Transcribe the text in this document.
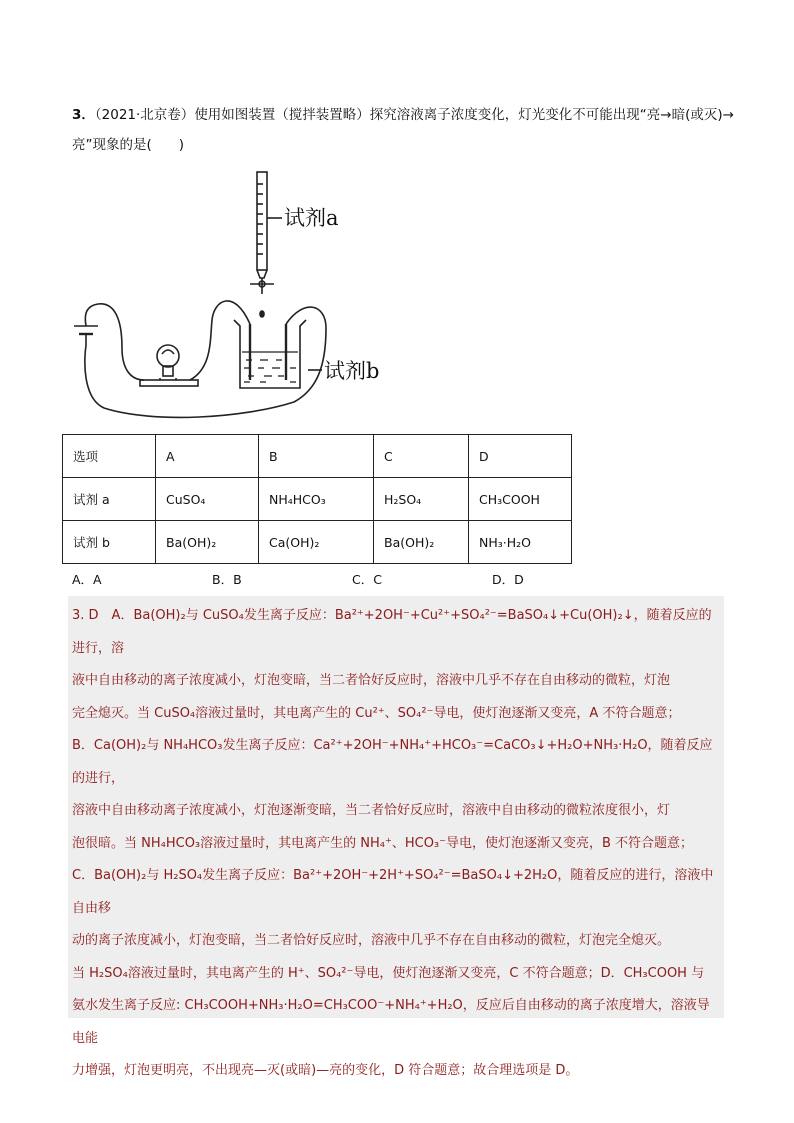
3．（2021·北京卷）使用如图装置（搅拌装置略）探究溶液离子浓度变化，灯光变化不可能出现“亮→暗(或灭)→
亮”现象的是(　　)
试剂a
试剂b
选项	A	B	C	D
试剂 a	CuSO₄	NH₄HCO₃	H₂SO₄	CH₃COOH
试剂 b	Ba(OH)₂	Ca(OH)₂	Ba(OH)₂	NH₃·H₂O
A．A	B．B	C．C	D．D

3. D　A．Ba(OH)₂与 CuSO₄发生离子反应：Ba²⁺+2OH⁻+Cu²⁺+SO₄²⁻=BaSO₄↓+Cu(OH)₂↓，随着反应的进行，溶

液中自由移动的离子浓度减小，灯泡变暗，当二者恰好反应时，溶液中几乎不存在自由移动的微粒，灯泡

完全熄灭。当 CuSO₄溶液过量时，其电离产生的 Cu²⁺、SO₄²⁻导电，使灯泡逐渐又变亮，A 不符合题意；

B．Ca(OH)₂与 NH₄HCO₃发生离子反应：Ca²⁺+2OH⁻+NH₄⁺+HCO₃⁻=CaCO₃↓+H₂O+NH₃·H₂O，随着反应的进行，

溶液中自由移动离子浓度减小，灯泡逐渐变暗，当二者恰好反应时，溶液中自由移动的微粒浓度很小，灯

泡很暗。当 NH₄HCO₃溶液过量时，其电离产生的 NH₄⁺、HCO₃⁻导电，使灯泡逐渐又变亮，B 不符合题意；

C．Ba(OH)₂与 H₂SO₄发生离子反应：Ba²⁺+2OH⁻+2H⁺+SO₄²⁻=BaSO₄↓+2H₂O，随着反应的进行，溶液中自由移

动的离子浓度减小，灯泡变暗，当二者恰好反应时，溶液中几乎不存在自由移动的微粒，灯泡完全熄灭。

当 H₂SO₄溶液过量时，其电离产生的 H⁺、SO₄²⁻导电，使灯泡逐渐又变亮，C 不符合题意；D．CH₃COOH 与

氨水发生离子反应: CH₃COOH+NH₃·H₂O=CH₃COO⁻+NH₄⁺+H₂O，反应后自由移动的离子浓度增大，溶液导电能

力增强，灯泡更明亮，不出现亮—灭(或暗)—亮的变化，D 符合题意；故合理选项是 D。
